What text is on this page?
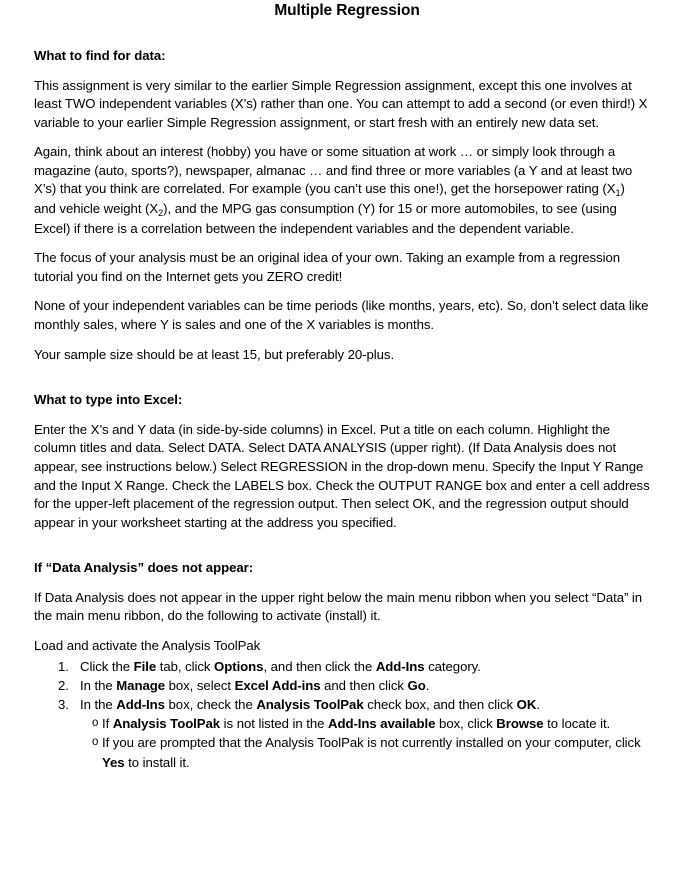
Multiple Regression
What to find for data:

This assignment is very similar to the earlier Simple Regression assignment, except this one involves at least TWO independent variables (X’s) rather than one. You can attempt to add a second (or even third!) X variable to your earlier Simple Regression assignment, or start fresh with an entirely new data set.

Again, think about an interest (hobby) you have or some situation at work … or simply look through a magazine (auto, sports?), newspaper, almanac … and find three or more variables (a Y and at least two X’s) that you think are correlated. For example (you can’t use this one!), get the horsepower rating $(X_1)$ and vehicle weight $(X_2)$, and the MPG gas consumption (Y) for 15 or more automobiles, to see (using Excel) if there is a correlation between the independent variables and the dependent variable.

The focus of your analysis must be an original idea of your own. Taking an example from a regression tutorial you find on the Internet gets you ZERO credit!

None of your independent variables can be time periods (like months, years, etc). So, don’t select data like monthly sales, where Y is sales and one of the X variables is months.

Your sample size should be at least 15, but preferably 20-plus.

What to type into Excel:

Enter the X’s and Y data (in side-by-side columns) in Excel. Put a title on each column. Highlight the column titles and data. Select DATA. Select DATA ANALYSIS (upper right). (If Data Analysis does not appear, see instructions below.) Select REGRESSION in the drop-down menu. Specify the Input Y Range and the Input X Range. Check the LABELS box. Check the OUTPUT RANGE box and enter a cell address for the upper-left placement of the regression output. Then select OK, and the regression output should appear in your worksheet starting at the address you specified.

If “Data Analysis” does not appear:

If Data Analysis does not appear in the upper right below the main menu ribbon when you select “Data” in the main menu ribbon, do the following to activate (install) it.

Load and activate the Analysis ToolPak

1. Click the File tab, click Options, and then click the Add-Ins category.
2. In the Manage box, select Excel Add-ins and then click Go.
3. In the Add-Ins box, check the Analysis ToolPak check box, and then click OK.
o If Analysis ToolPak is not listed in the Add-Ins available box, click Browse to locate it.
o If you are prompted that the Analysis ToolPak is not currently installed on your computer, click Yes to install it.
